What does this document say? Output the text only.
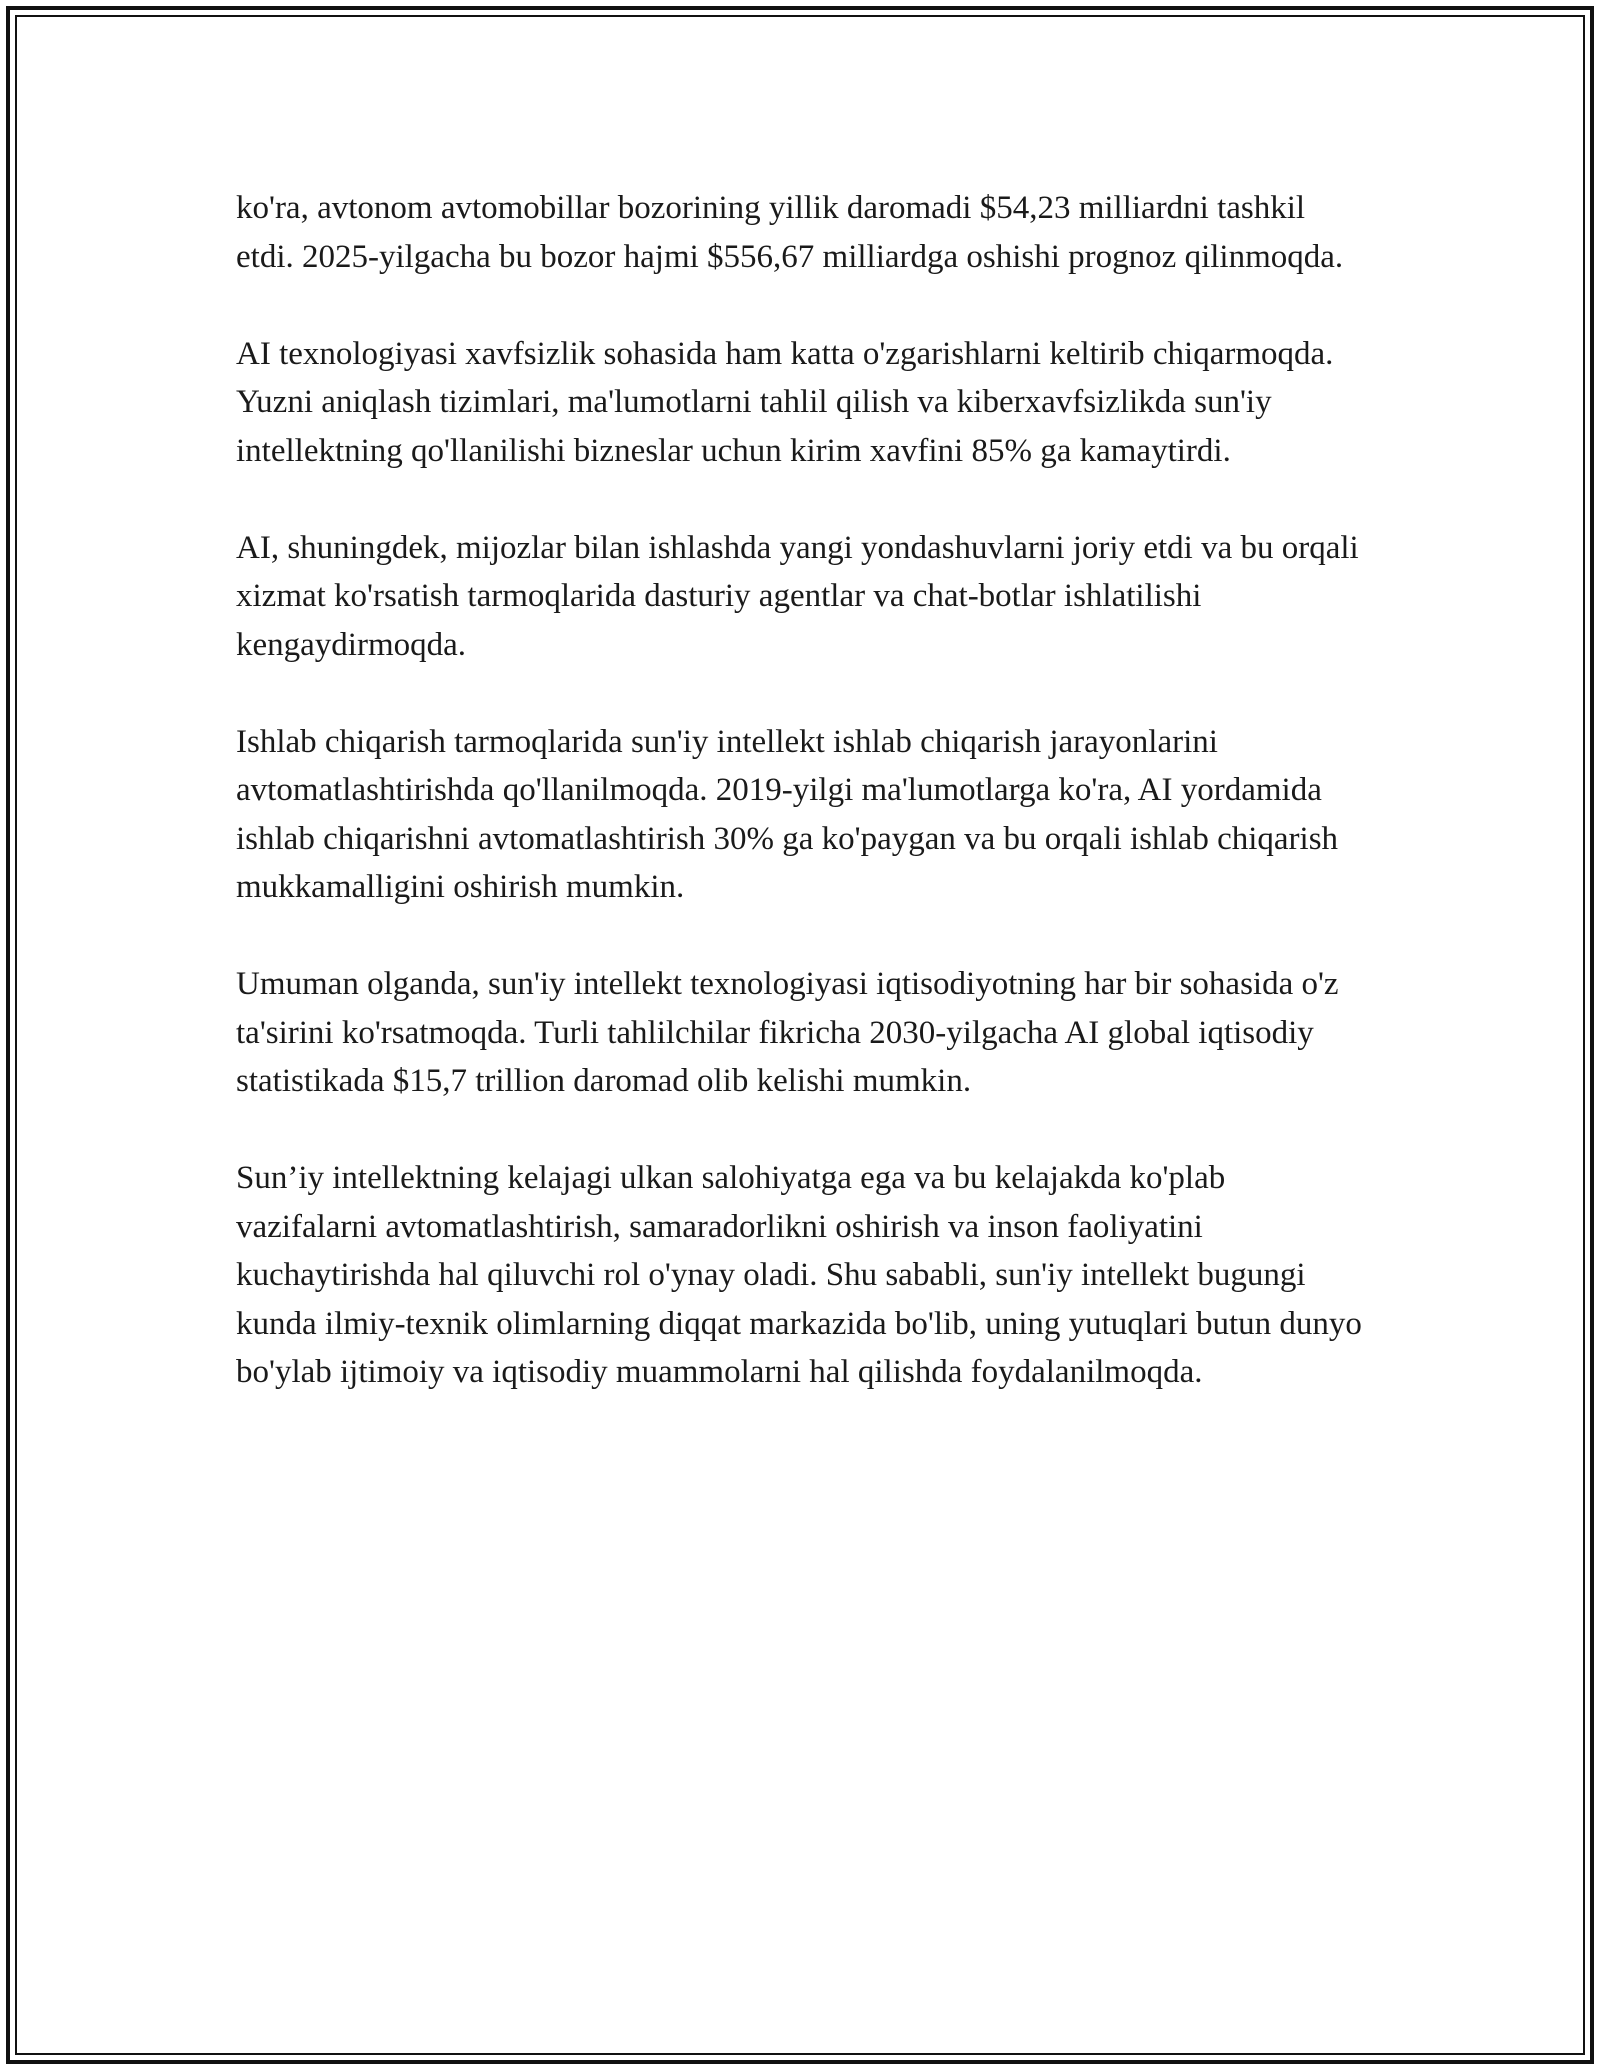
ko'ra, avtonom avtomobillar bozorining yillik daromadi $54,23 milliardni tashkil etdi. 2025-yilgacha bu bozor hajmi $556,67 milliardga oshishi prognoz qilinmoqda.

AI texnologiyasi xavfsizlik sohasida ham katta o'zgarishlarni keltirib chiqarmoqda. Yuzni aniqlash tizimlari, ma'lumotlarni tahlil qilish va kiberxavfsizlikda sun'iy intellektning qo'llanilishi bizneslar uchun kirim xavfini 85% ga kamaytirdi.

AI, shuningdek, mijozlar bilan ishlashda yangi yondashuvlarni joriy etdi va bu orqali xizmat ko'rsatish tarmoqlarida dasturiy agentlar va chat-botlar ishlatilishi kengaydirmoqda.

Ishlab chiqarish tarmoqlarida sun'iy intellekt ishlab chiqarish jarayonlarini avtomatlashtirishda qo'llanilmoqda. 2019-yilgi ma'lumotlarga ko'ra, AI yordamida ishlab chiqarishni avtomatlashtirish 30% ga ko'paygan va bu orqali ishlab chiqarish mukkamalligini oshirish mumkin.

Umuman olganda, sun'iy intellekt texnologiyasi iqtisodiyotning har bir sohasida o'z ta'sirini ko'rsatmoqda. Turli tahlilchilar fikricha 2030-yilgacha AI global iqtisodiy statistikada $15,7 trillion daromad olib kelishi mumkin.

Sun’iy intellektning kelajagi ulkan salohiyatga ega va bu kelajakda ko'plab vazifalarni avtomatlashtirish, samaradorlikni oshirish va inson faoliyatini kuchaytirishda hal qiluvchi rol o'ynay oladi. Shu sababli, sun'iy intellekt bugungi kunda ilmiy-texnik olimlarning diqqat markazida bo'lib, uning yutuqlari butun dunyo bo'ylab ijtimoiy va iqtisodiy muammolarni hal qilishda foydalanilmoqda.
